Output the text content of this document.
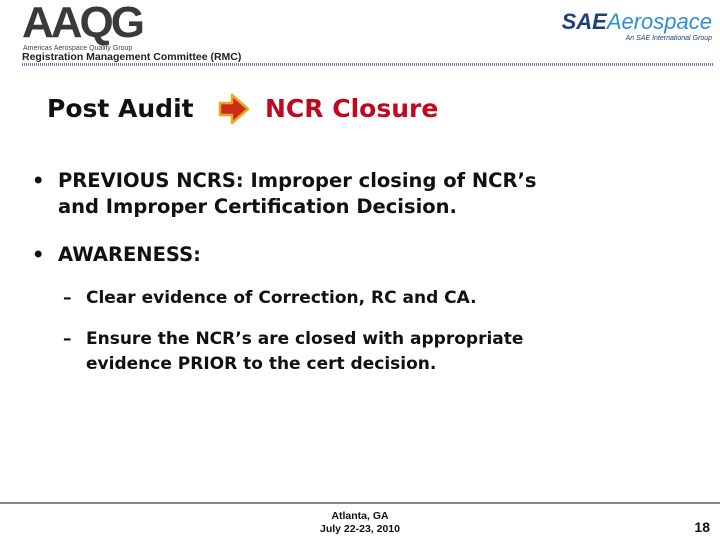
AAQG
Americas Aerospace Quality Group
SAEAerospace
An SAE International Group
Registration Management Committee (RMC)
Post Audit	NCR Closure
• PREVIOUS NCRS: Improper closing of NCR’s
and Improper Certification Decision.
• AWARENESS:
– Clear evidence of Correction, RC and CA.
– Ensure the NCR’s are closed with appropriate
evidence PRIOR to the cert decision.
Atlanta, GA
July 22-23, 2010	18
